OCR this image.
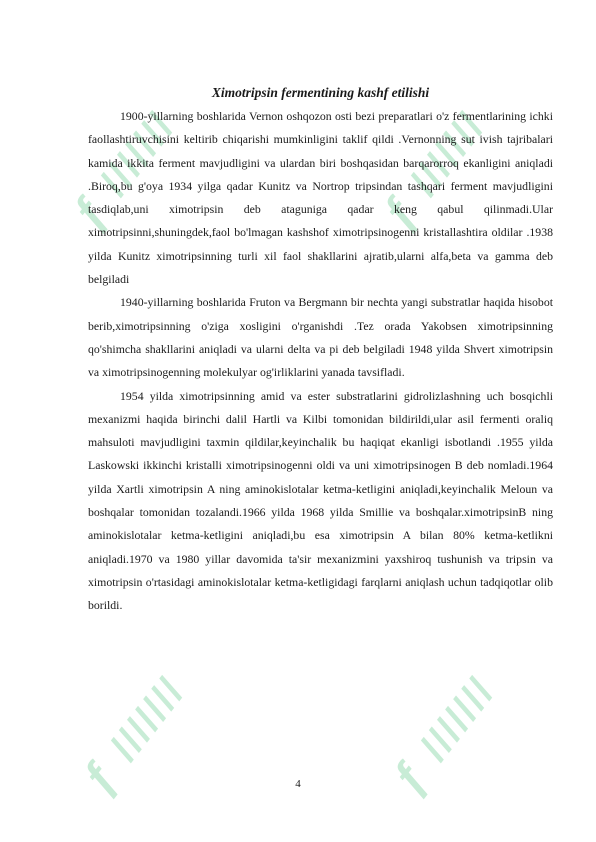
ƒ ///////
ƒ ///////
ƒ ///////
ƒ ///////
Ximotripsin fermentining kashf etilishi

1900-yillarning boshlarida Vernon oshqozon osti bezi preparatlari o'z fermentlarining ichki faollashtiruvchisini keltirib chiqarishi mumkinligini taklif qildi .Vernonning sut ivish tajribalari kamida ikkita ferment mavjudligini va ulardan biri boshqasidan barqarorroq ekanligini aniqladi .Biroq,bu g'oya 1934 yilga qadar Kunitz va Nortrop tripsindan tashqari ferment mavjudligini tasdiqlab,uni ximotripsin deb ataguniga qadar keng qabul qilinmadi.Ular ximotripsinni,shuningdek,faol bo'lmagan kashshof ximotripsinogenni kristallashtira oldilar .1938 yilda Kunitz ximotripsinning turli xil faol shakllarini ajratib,ularni alfa,beta va gamma deb belgiladi

1940-yillarning boshlarida Fruton va Bergmann bir nechta yangi substratlar haqida hisobot berib,ximotripsinning o'ziga xosligini o'rganishdi .Tez orada Yakobsen ximotripsinning qo'shimcha shakllarini aniqladi va ularni delta va pi deb belgiladi 1948 yilda Shvert ximotripsin va ximotripsinogenning molekulyar og'irliklarini yanada tavsifladi.

1954 yilda ximotripsinning amid va ester substratlarini gidrolizlashning uch bosqichli mexanizmi haqida birinchi dalil Hartli va Kilbi tomonidan bildirildi,ular asil fermenti oraliq mahsuloti mavjudligini taxmin qildilar,keyinchalik bu haqiqat ekanligi isbotlandi .1955 yilda Laskowski ikkinchi kristalli ximotripsinogenni oldi va uni ximotripsinogen B deb nomladi.1964 yilda Xartli ximotripsin A ning aminokislotalar ketma-ketligini aniqladi,keyinchalik Meloun va boshqalar tomonidan tozalandi.1966 yilda 1968 yilda Smillie va boshqalar.ximotripsinB ning aminokislotalar ketma-ketligini aniqladi,bu esa ximotripsin A bilan 80% ketma-ketlikni aniqladi.1970 va 1980 yillar davomida ta'sir mexanizmini yaxshiroq tushunish va tripsin va ximotripsin o'rtasidagi aminokislotalar ketma-ketligidagi farqlarni aniqlash uchun tadqiqotlar olib borildi.

4
